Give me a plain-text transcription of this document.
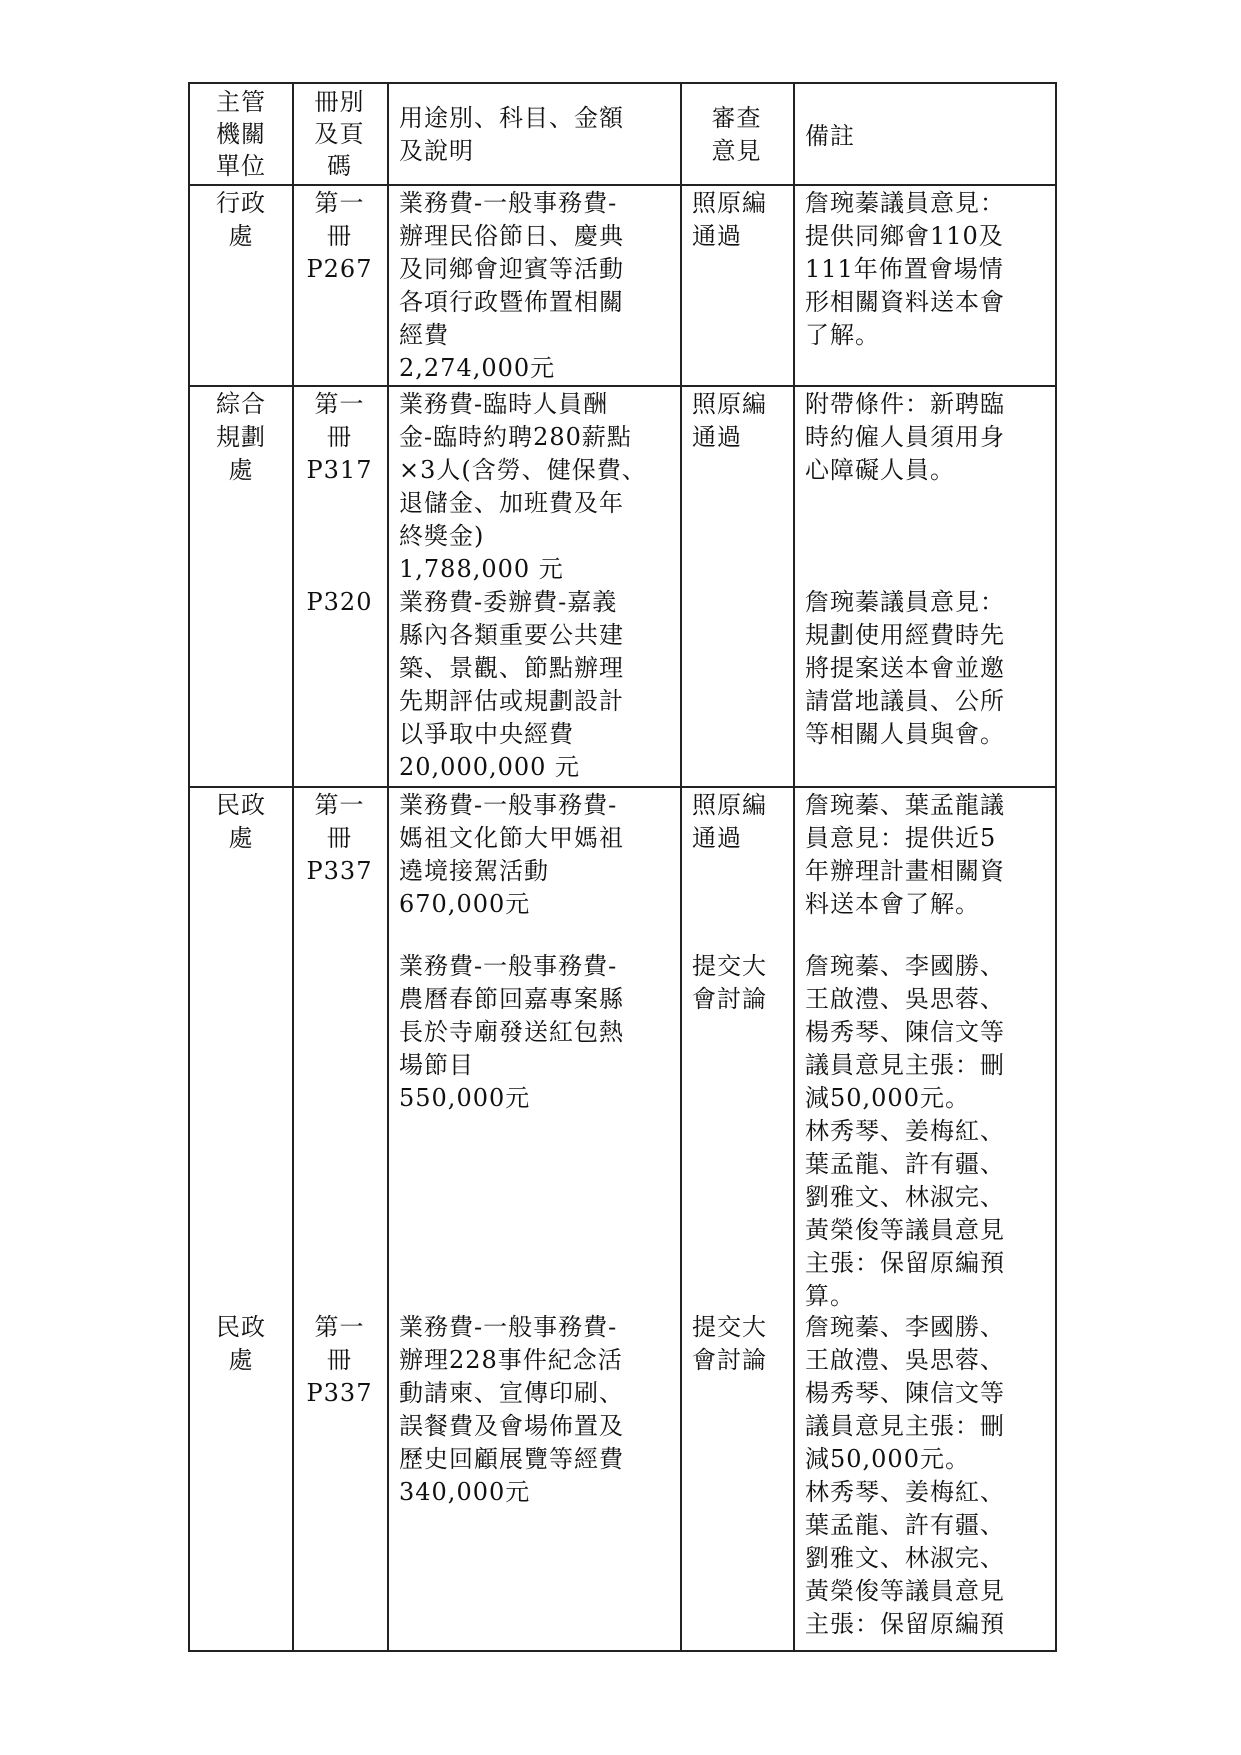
主管
機關
單位
冊別
及頁
碼
用途別、科目、金額
及說明
審查
意見
備註
行政
處
第一
冊
P267
業務費-一般事務費-
辦理民俗節日、慶典
及同鄉會迎賓等活動
各項行政暨佈置相關
經費
2,274,000元
照原編
通過
詹琬蓁議員意見：
提供同鄉會110及
111年佈置會場情
形相關資料送本會
了解。
綜合
規劃
處
第一
冊
P317
業務費-臨時人員酬
金-臨時約聘280薪點
×3人(含勞、健保費、
退儲金、加班費及年
終獎金)
1,788,000 元
照原編
通過
附帶條件：新聘臨
時約僱人員須用身
心障礙人員。
P320	業務費-委辦費-嘉義
縣內各類重要公共建
築、景觀、節點辦理
先期評估或規劃設計
以爭取中央經費
20,000,000 元
詹琬蓁議員意見：
規劃使用經費時先
將提案送本會並邀
請當地議員、公所
等相關人員與會。
民政
處
第一
冊
P337
業務費-一般事務費-
媽祖文化節大甲媽祖
遶境接駕活動
670,000元
照原編
通過
詹琬蓁、葉孟龍議
員意見：提供近5
年辦理計畫相關資
料送本會了解。
業務費-一般事務費-
農曆春節回嘉專案縣
長於寺廟發送紅包熱
場節目
550,000元
提交大
會討論
詹琬蓁、李國勝、
王啟澧、吳思蓉、
楊秀琴、陳信文等
議員意見主張：刪
減50,000元。
林秀琴、姜梅紅、
葉孟龍、許有疆、
劉雅文、林淑完、
黃榮俊等議員意見
主張：保留原編預
算。
民政
處
第一
冊
P337
業務費-一般事務費-
辦理228事件紀念活
動請柬、宣傳印刷、
誤餐費及會場佈置及
歷史回顧展覽等經費
340,000元
提交大
會討論
詹琬蓁、李國勝、
王啟澧、吳思蓉、
楊秀琴、陳信文等
議員意見主張：刪
減50,000元。
林秀琴、姜梅紅、
葉孟龍、許有疆、
劉雅文、林淑完、
黃榮俊等議員意見
主張：保留原編預
